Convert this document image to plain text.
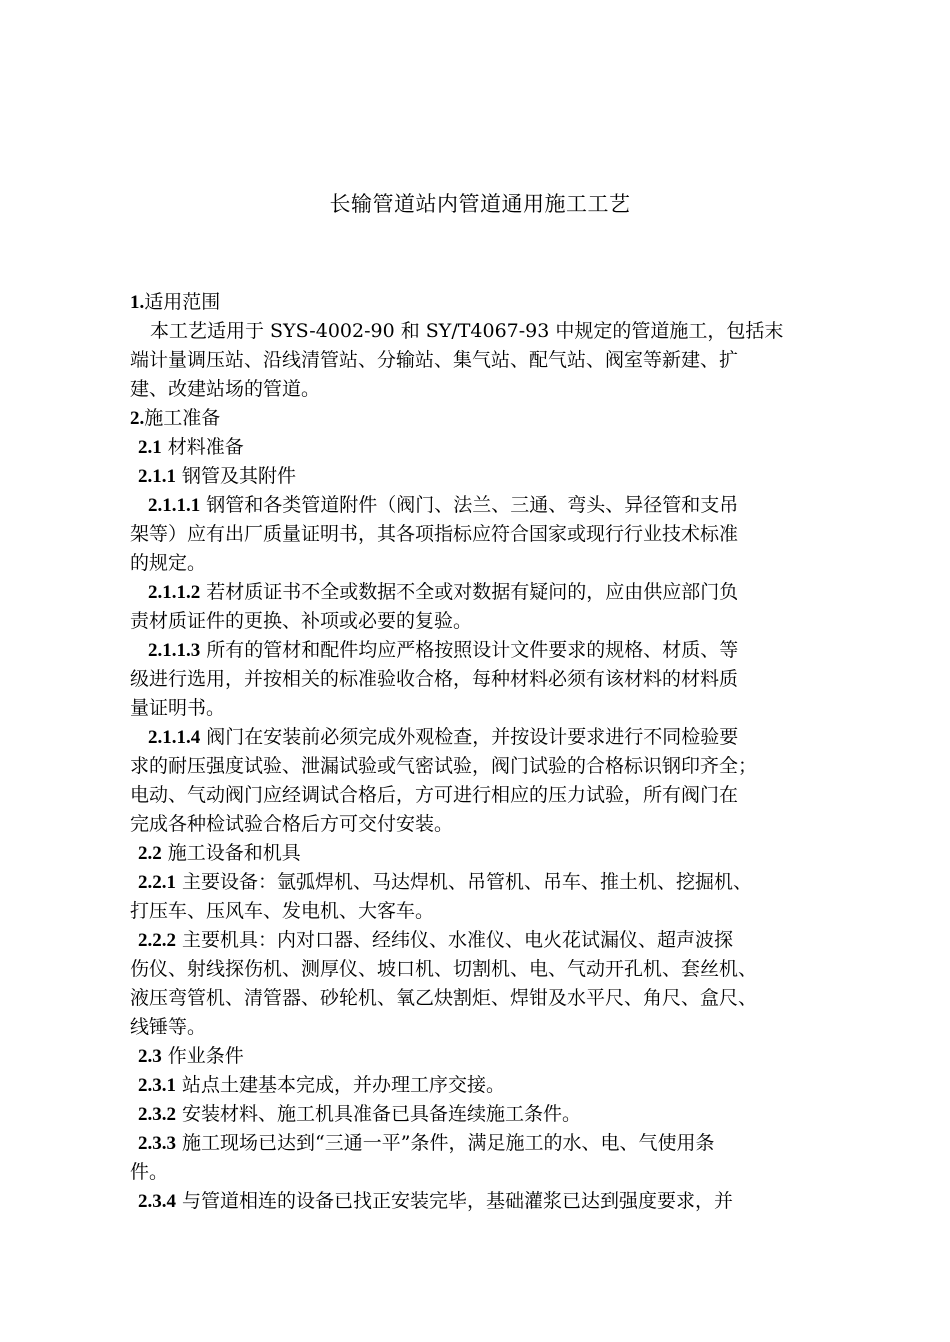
长输管道站内管道通用施工工艺
1.适用范围
本工艺适用于 SYS-4002-90 和 SY/T4067-93 中规定的管道施工，包括末
端计量调压站、沿线清管站、分输站、集气站、配气站、阀室等新建、扩
建、改建站场的管道。
2.施工准备
2.1 材料准备
2.1.1 钢管及其附件
2.1.1.1 钢管和各类管道附件（阀门、法兰、三通、弯头、异径管和支吊
架等）应有出厂质量证明书，其各项指标应符合国家或现行行业技术标准
的规定。
2.1.1.2 若材质证书不全或数据不全或对数据有疑问的，应由供应部门负
责材质证件的更换、补项或必要的复验。
2.1.1.3 所有的管材和配件均应严格按照设计文件要求的规格、材质、等
级进行选用，并按相关的标准验收合格，每种材料必须有该材料的材料质
量证明书。
2.1.1.4 阀门在安装前必须完成外观检查，并按设计要求进行不同检验要
求的耐压强度试验、泄漏试验或气密试验，阀门试验的合格标识钢印齐全；
电动、气动阀门应经调试合格后，方可进行相应的压力试验，所有阀门在
完成各种检试验合格后方可交付安装。
2.2 施工设备和机具
2.2.1 主要设备：氩弧焊机、马达焊机、吊管机、吊车、推土机、挖掘机、
打压车、压风车、发电机、大客车。
2.2.2 主要机具：内对口器、经纬仪、水准仪、电火花试漏仪、超声波探
伤仪、射线探伤机、测厚仪、坡口机、切割机、电、气动开孔机、套丝机、
液压弯管机、清管器、砂轮机、氧乙炔割炬、焊钳及水平尺、角尺、盒尺、
线锤等。
2.3 作业条件
2.3.1 站点土建基本完成，并办理工序交接。
2.3.2 安装材料、施工机具准备已具备连续施工条件。
2.3.3 施工现场已达到“三通一平”条件，满足施工的水、电、气使用条
件。
2.3.4 与管道相连的设备已找正安装完毕，基础灌浆已达到强度要求，并
